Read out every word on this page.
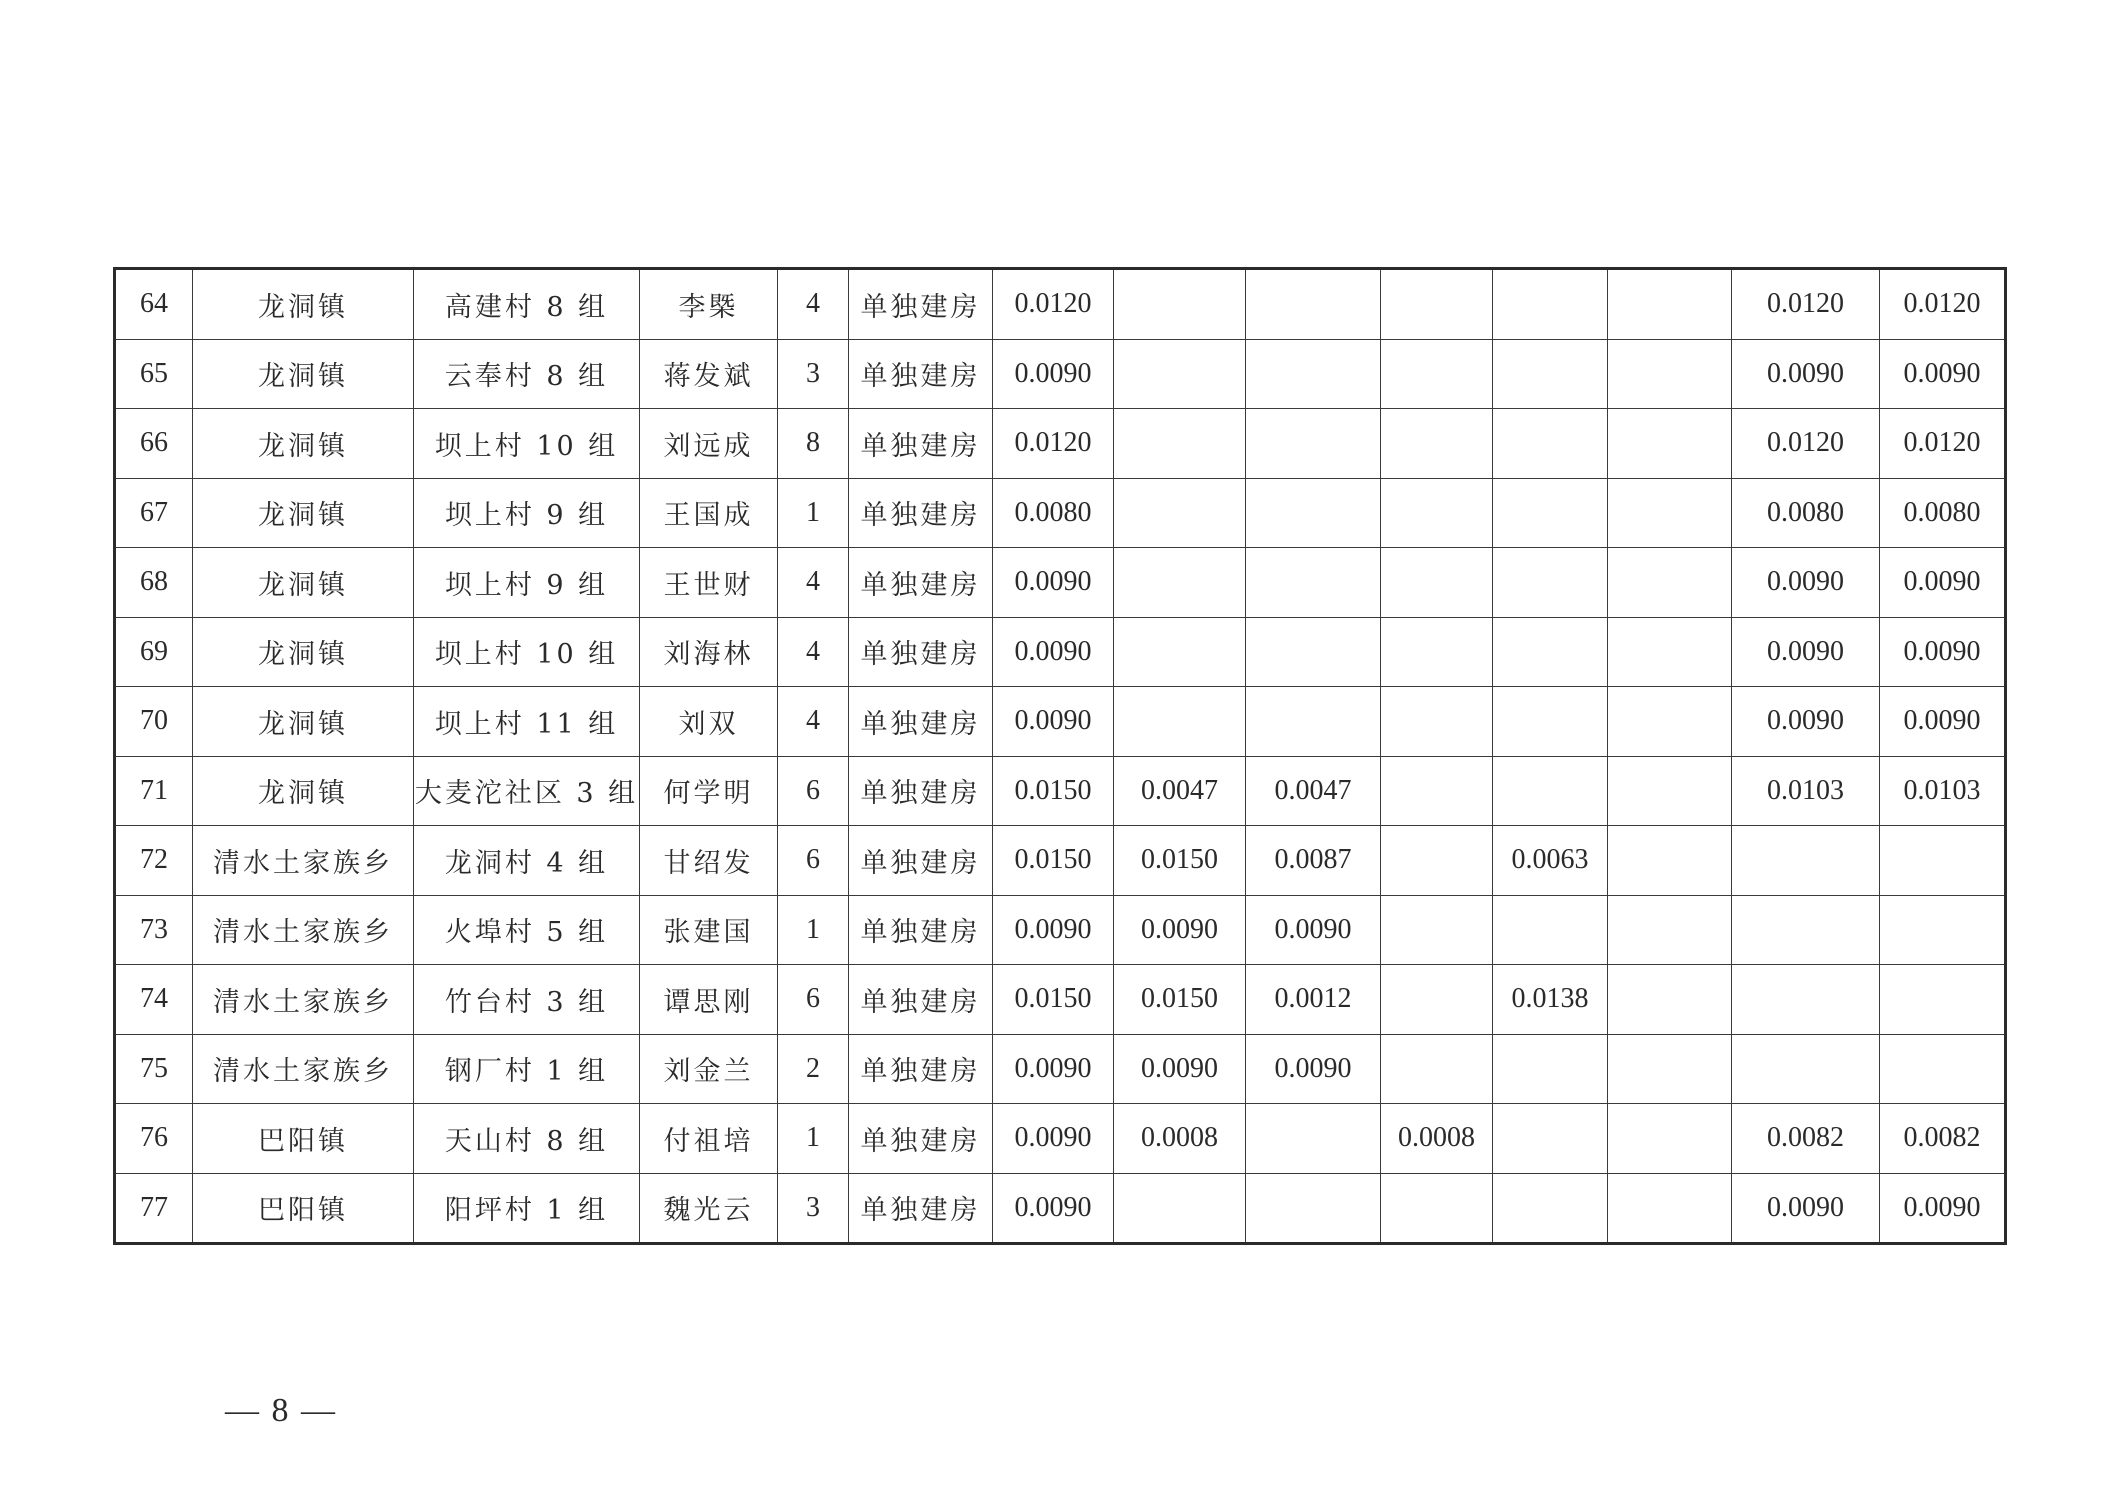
64	龙洞镇	高建村 8 组	李槩	4	单独建房	0.0120						0.0120	0.0120
65	龙洞镇	云奉村 8 组	蒋发斌	3	单独建房	0.0090						0.0090	0.0090
66	龙洞镇	坝上村 10 组	刘远成	8	单独建房	0.0120						0.0120	0.0120
67	龙洞镇	坝上村 9 组	王国成	1	单独建房	0.0080						0.0080	0.0080
68	龙洞镇	坝上村 9 组	王世财	4	单独建房	0.0090						0.0090	0.0090
69	龙洞镇	坝上村 10 组	刘海林	4	单独建房	0.0090						0.0090	0.0090
70	龙洞镇	坝上村 11 组	刘双	4	单独建房	0.0090						0.0090	0.0090
71	龙洞镇	大麦沱社区 3 组	何学明	6	单独建房	0.0150	0.0047	0.0047				0.0103	0.0103
72	清水土家族乡	龙洞村 4 组	甘绍发	6	单独建房	0.0150	0.0150	0.0087		0.0063			
73	清水土家族乡	火埠村 5 组	张建国	1	单独建房	0.0090	0.0090	0.0090					
74	清水土家族乡	竹台村 3 组	谭思刚	6	单独建房	0.0150	0.0150	0.0012		0.0138			
75	清水土家族乡	钢厂村 1 组	刘金兰	2	单独建房	0.0090	0.0090	0.0090					
76	巴阳镇	天山村 8 组	付祖培	1	单独建房	0.0090	0.0008		0.0008			0.0082	0.0082
77	巴阳镇	阳坪村 1 组	魏光云	3	单独建房	0.0090						0.0090	0.0090
— 8 —
